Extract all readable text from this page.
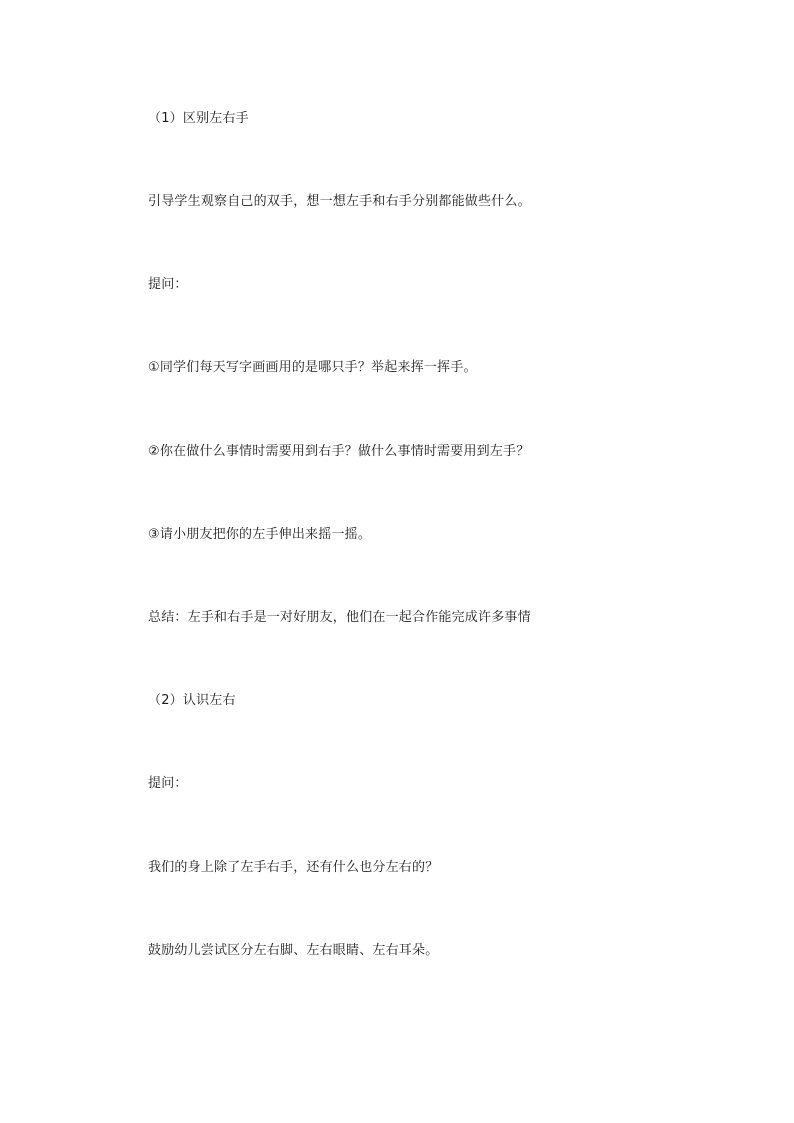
（1）区别左右手
引导学生观察自己的双手，想一想左手和右手分别都能做些什么。
提问：
①同学们每天写字画画用的是哪只手？举起来挥一挥手。
②你在做什么事情时需要用到右手？做什么事情时需要用到左手？
③请小朋友把你的左手伸出来摇一摇。
总结：左手和右手是一对好朋友，他们在一起合作能完成许多事情
（2）认识左右
提问：
我们的身上除了左手右手，还有什么也分左右的？
鼓励幼儿尝试区分左右脚、左右眼睛、左右耳朵。
